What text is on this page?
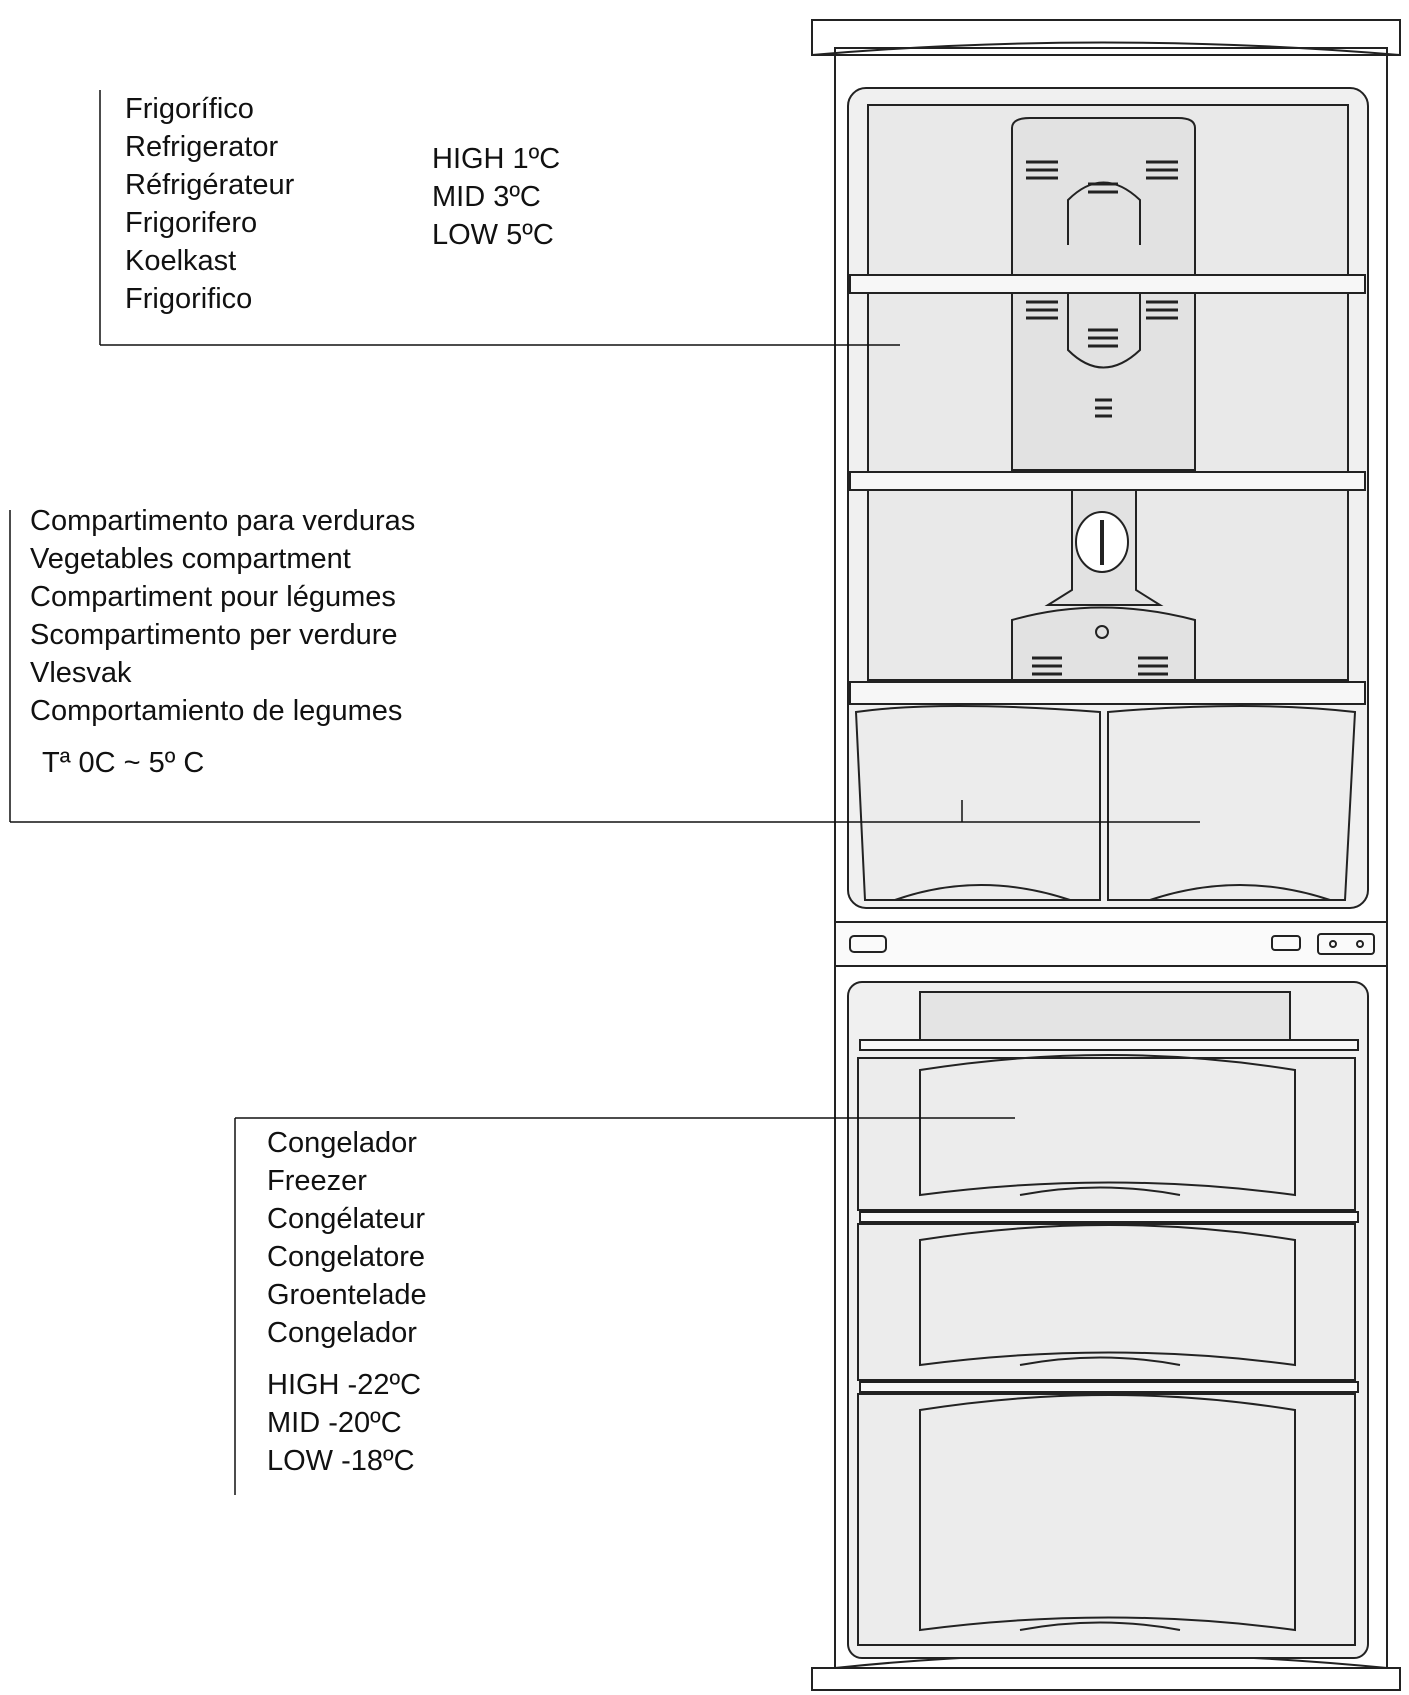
Frigorífico
Refrigerator
Réfrigérateur
Frigorifero
Koelkast
Frigorifico
HIGH 1ºC
MID 3ºC
LOW 5ºC
Compartimento para verduras
Vegetables compartment
Compartiment pour légumes
Scompartimento per verdure
Vlesvak
Comportamiento de legumes
Tª 0C ~ 5º C
Congelador
Freezer
Congélateur
Congelatore
Groentelade
Congelador
HIGH -22ºC
MID -20ºC
LOW -18ºC
